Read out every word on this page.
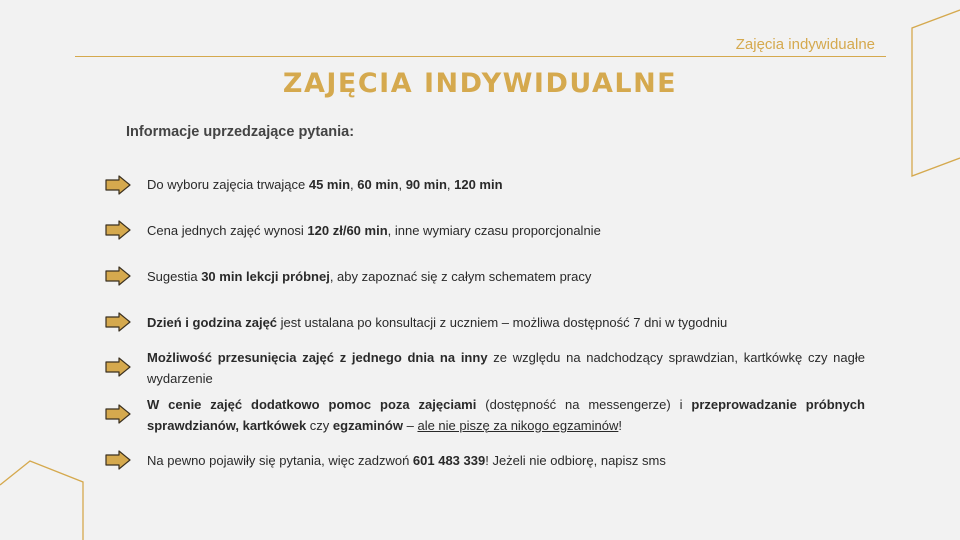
Zajęcia indywidualne
ZAJĘCIA INDYWIDUALNE
Informacje uprzedzające pytania:
Do wyboru zajęcia trwające 45 min, 60 min, 90 min, 120 min
Cena jednych zajęć wynosi 120 zł/60 min, inne wymiary czasu proporcjonalnie
Sugestia 30 min lekcji próbnej, aby zapoznać się z całym schematem pracy
Dzień i godzina zajęć jest ustalana po konsultacji z uczniem – możliwa dostępność 7 dni w tygodniu
Możliwość przesunięcia zajęć z jednego dnia na inny ze względu na nadchodzący sprawdzian, kartkówkę czy nagłe wydarzenie
W cenie zajęć dodatkowo pomoc poza zajęciami (dostępność na messengerze) i przeprowadzanie próbnych sprawdzianów, kartkówek czy egzaminów – ale nie piszę za nikogo egzaminów!
Na pewno pojawiły się pytania, więc zadzwoń 601 483 339! Jeżeli nie odbiorę, napisz sms
